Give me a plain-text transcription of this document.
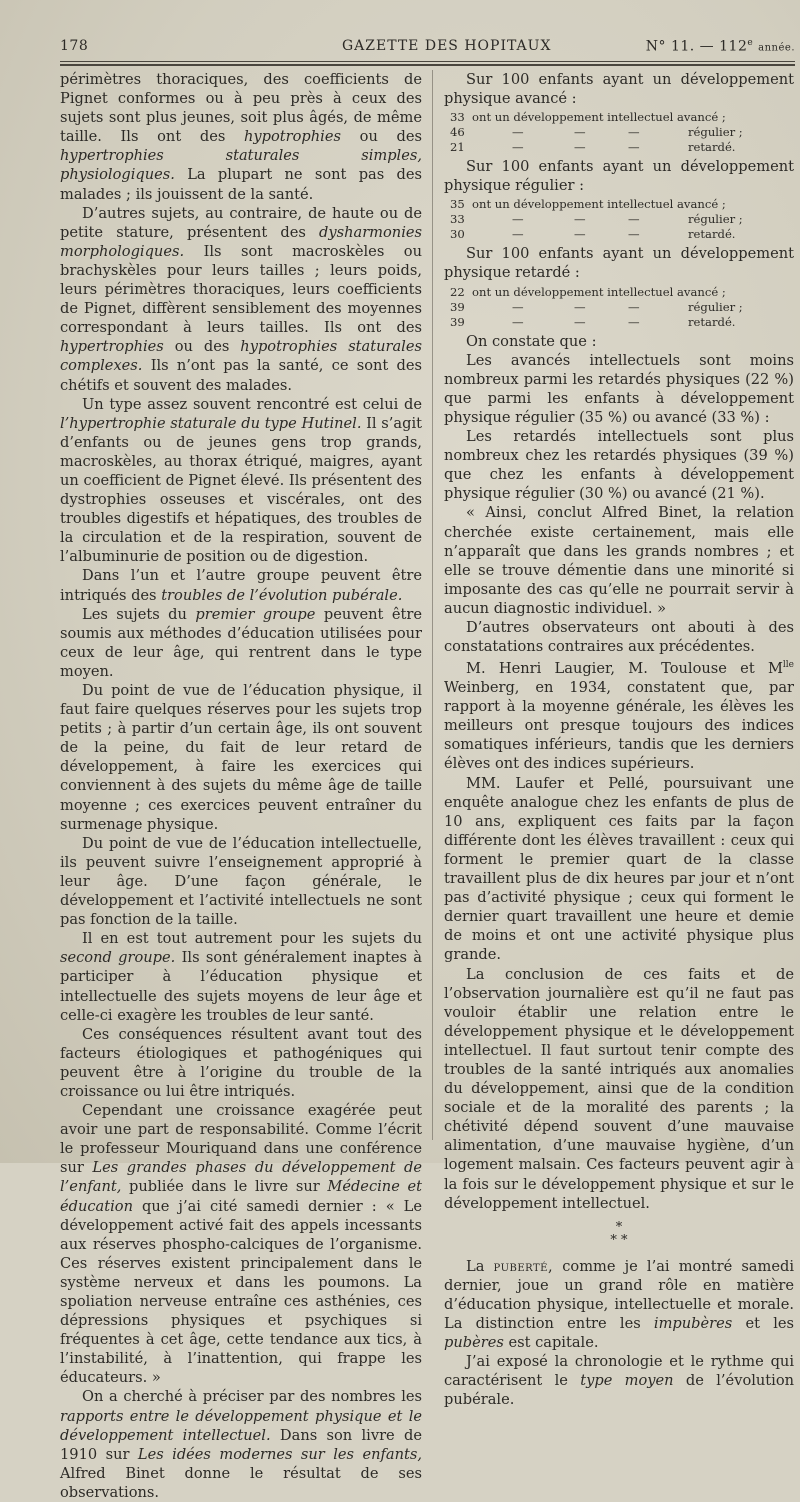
178	GAZETTE DES HOPITAUX	N° 11. — 112e année.

périmètres thoraciques, des coefficients de Pignet conformes ou à peu près à ceux des sujets sont plus jeunes, soit plus âgés, de même taille. Ils ont des hypotrophies ou des hypertrophies staturales simples, physiologiques. La plupart ne sont pas des malades ; ils jouissent de la santé.

D’autres sujets, au contraire, de haute ou de petite stature, présentent des dysharmonies morphologiques. Ils sont macroskèles ou brachyskèles pour leurs tailles ; leurs poids, leurs périmètres thoraciques, leurs coefficients de Pignet, diffèrent sensiblement des moyennes correspondant à leurs tailles. Ils ont des hypertrophies ou des hypotrophies staturales complexes. Ils n’ont pas la santé, ce sont des chétifs et souvent des malades.

Un type assez souvent rencontré est celui de l’hypertrophie staturale du type Hutinel. Il s’agit d’enfants ou de jeunes gens trop grands, macroskèles, au thorax étriqué, maigres, ayant un coefficient de Pignet élevé. Ils présentent des dystrophies osseuses et viscérales, ont des troubles digestifs et hépatiques, des troubles de la circulation et de la respiration, souvent de l’albuminurie de position ou de digestion.

Dans l’un et l’autre groupe peuvent être intriqués des troubles de l’évolution pubérale.

Les sujets du premier groupe peuvent être soumis aux méthodes d’éducation utilisées pour ceux de leur âge, qui rentrent dans le type moyen.

Du point de vue de l’éducation physique, il faut faire quelques réserves pour les sujets trop petits ; à partir d’un certain âge, ils ont souvent de la peine, du fait de leur retard de développement, à faire les exercices qui conviennent à des sujets du même âge de taille moyenne ; ces exercices peuvent entraîner du surmenage physique.

Du point de vue de l’éducation intellectuelle, ils peuvent suivre l’enseignement approprié à leur âge. D’une façon générale, le développement et l’activité intellectuels ne sont pas fonction de la taille.

Il en est tout autrement pour les sujets du second groupe. Ils sont généralement inaptes à participer à l’éducation physique et intellectuelle des sujets moyens de leur âge et celle-ci exagère les troubles de leur santé.

Ces conséquences résultent avant tout des facteurs étiologiques et pathogéniques qui peuvent être à l’origine du trouble de la croissance ou lui être intriqués.

Cependant une croissance exagérée peut avoir une part de responsabilité. Comme l’écrit le professeur Mouriquand dans une conférence sur Les grandes phases du développement de l’enfant, publiée dans le livre sur Médecine et éducation que j’ai cité samedi dernier : « Le développement activé fait des appels incessants aux réserves phospho-calciques de l’organisme. Ces réserves existent principalement dans le système nerveux et dans les poumons. La spoliation nerveuse entraîne ces asthénies, ces dépressions physiques et psychiques si fréquentes à cet âge, cette tendance aux tics, à l’instabilité, à l’inattention, qui frappe les éducateurs. »

On a cherché à préciser par des nombres les rapports entre le développement physique et le développement intellectuel. Dans son livre de 1910 sur Les idées modernes sur les enfants, Alfred Binet donne le résultat de ses observations.

Sur 100 enfants ayant un développement physique avancé :

33 ont un développement intellectuel avancé ;
46	—	—	—	régulier ;
21	—	—	—	retardé.

Sur 100 enfants ayant un développement physique régulier :

35 ont un développement intellectuel avancé ;
33	—	—	—	régulier ;
30	—	—	—	retardé.

Sur 100 enfants ayant un développement physique retardé :

22 ont un développement intellectuel avancé ;
39	—	—	—	régulier ;
39	—	—	—	retardé.

On constate que :

Les avancés intellectuels sont moins nombreux parmi les retardés physiques (22 %) que parmi les enfants à développement physique régulier (35 %) ou avancé (33 %) :

Les retardés intellectuels sont plus nombreux chez les retardés physiques (39 %) que chez les enfants à développement physique régulier (30 %) ou avancé (21 %).

« Ainsi, conclut Alfred Binet, la relation cherchée existe certainement, mais elle n’apparaît que dans les grands nombres ; et elle se trouve démentie dans une minorité si imposante des cas qu’elle ne pourrait servir à aucun diagnostic individuel. »

D’autres observateurs ont abouti à des constatations contraires aux précédentes.

M. Henri Laugier, M. Toulouse et $M^{lle}$ Weinberg, en 1934, constatent que, par rapport à la moyenne générale, les élèves les meilleurs ont presque toujours des indices somatiques inférieurs, tandis que les derniers élèves ont des indices supérieurs.

MM. Laufer et Pellé, poursuivant une enquête analogue chez les enfants de plus de 10 ans, expliquent ces faits par la façon différente dont les élèves travaillent : ceux qui forment le premier quart de la classe travaillent plus de dix heures par jour et n’ont pas d’activité physique ; ceux qui forment le dernier quart travaillent une heure et demie de moins et ont une activité physique plus grande.

La conclusion de ces faits et de l’observation journalière est qu’il ne faut pas vouloir établir une relation entre le développement physique et le développement intellectuel. Il faut surtout tenir compte des troubles de la santé intriqués aux anomalies du développement, ainsi que de la condition sociale et de la moralité des parents ; la chétivité dépend souvent d’une mauvaise alimentation, d’une mauvaise hygiène, d’un logement malsain. Ces facteurs peuvent agir à la fois sur le développement physique et sur le développement intellectuel.

*
* *

La puberté, comme je l’ai montré samedi dernier, joue un grand rôle en matière d’éducation physique, intellectuelle et morale. La distinction entre les impubères et les pubères est capitale.

J’ai exposé la chronologie et le rythme qui caractérisent le type moyen de l’évolution pubérale.
